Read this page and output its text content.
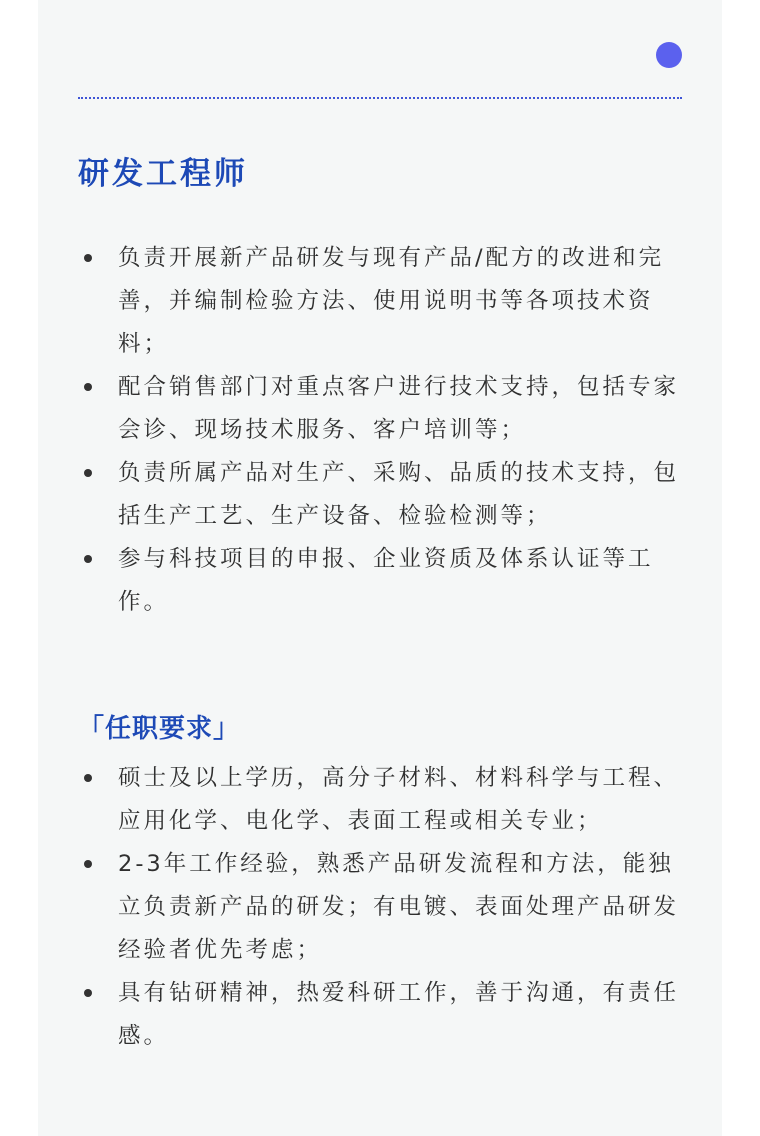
研发工程师
负责开展新产品研发与现有产品/配方的改进和完善，并编制检验方法、使用说明书等各项技术资料；
配合销售部门对重点客户进行技术支持，包括专家会诊、现场技术服务、客户培训等；
负责所属产品对生产、采购、品质的技术支持，包括生产工艺、生产设备、检验检测等；
参与科技项目的申报、企业资质及体系认证等工作。
「任职要求」
硕士及以上学历，高分子材料、材料科学与工程、应用化学、电化学、表面工程或相关专业；
2-3年工作经验，熟悉产品研发流程和方法，能独立负责新产品的研发；有电镀、表面处理产品研发经验者优先考虑；
具有钻研精神，热爱科研工作，善于沟通，有责任感。
